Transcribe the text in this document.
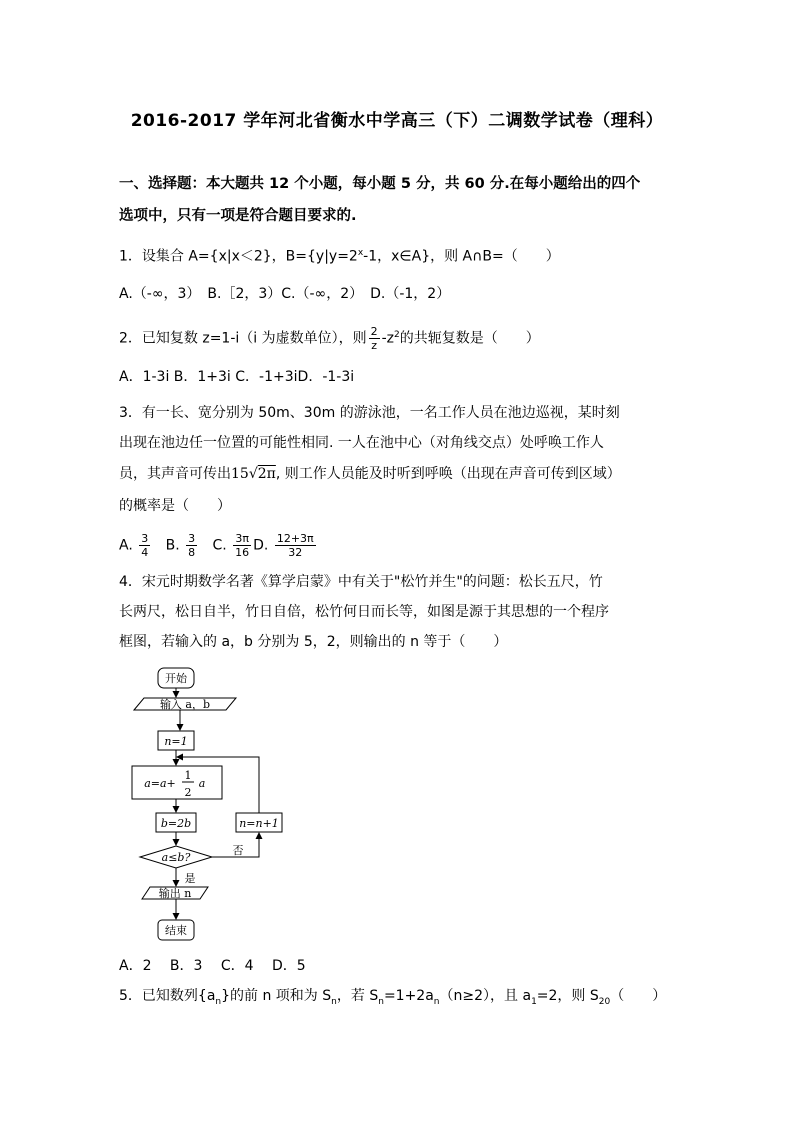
2016-2017 学年河北省衡水中学高三（下）二调数学试卷（理科）
一、选择题：本大题共 12 个小题，每小题 5 分，共 60 分.在每小题给出的四个
选项中，只有一项是符合题目要求的.
1．设集合 A={x|x＜2}，$B=\{y|y=2^x-1$，x∈A}，则 A∩B=（　　）
A.（-∞，3）　B.［2，3）C.（-∞，2）　D.（-1，2）
2．已知复数 z=1-i（i 为虚数单位），则 $\frac{2}{z} -z^2$的共轭复数是（　　）
A．1-3i B．1+3i C．-1+3iD．-1-3i
3．有一长、宽分别为 50m、30m 的游泳池，一名工作人员在池边巡视，某时刻
出现在池边任一位置的可能性相同. 一人在池中心（对角线交点）处呼唤工作人
员，其声音可传出15√2π, 则工作人员能及时听到呼唤（出现在声音可传到区域）
的概率是（　　）
A. $\frac{3}{4} B$. $\frac{3}{8} C$. $\frac{3\pi}{16} D$. $\frac{12+3\pi}{32}$
4．宋元时期数学名著《算学启蒙》中有关于"松竹并生"的问题：松长五尺，竹
长两尺，松日自半，竹日自倍，松竹何日而长等，如图是源于其思想的一个程序
框图，若输入的 a，b 分别为 5，2，则输出的 n 等于（　　）
开始
输入 a，b
n=1
a=a+
1
2
a
b=2b	n=n+1
a≤b?
否
是
输出 n
结束
A．2　 B．3　 C．4　 D．5
5．已知数列$\{a_n\}$的前 n 项和为 $S_n$，若 $S_n=1+2a_n(n\ge 2)$，且 $a_1=2$，则 $S_{20}$（　　）
